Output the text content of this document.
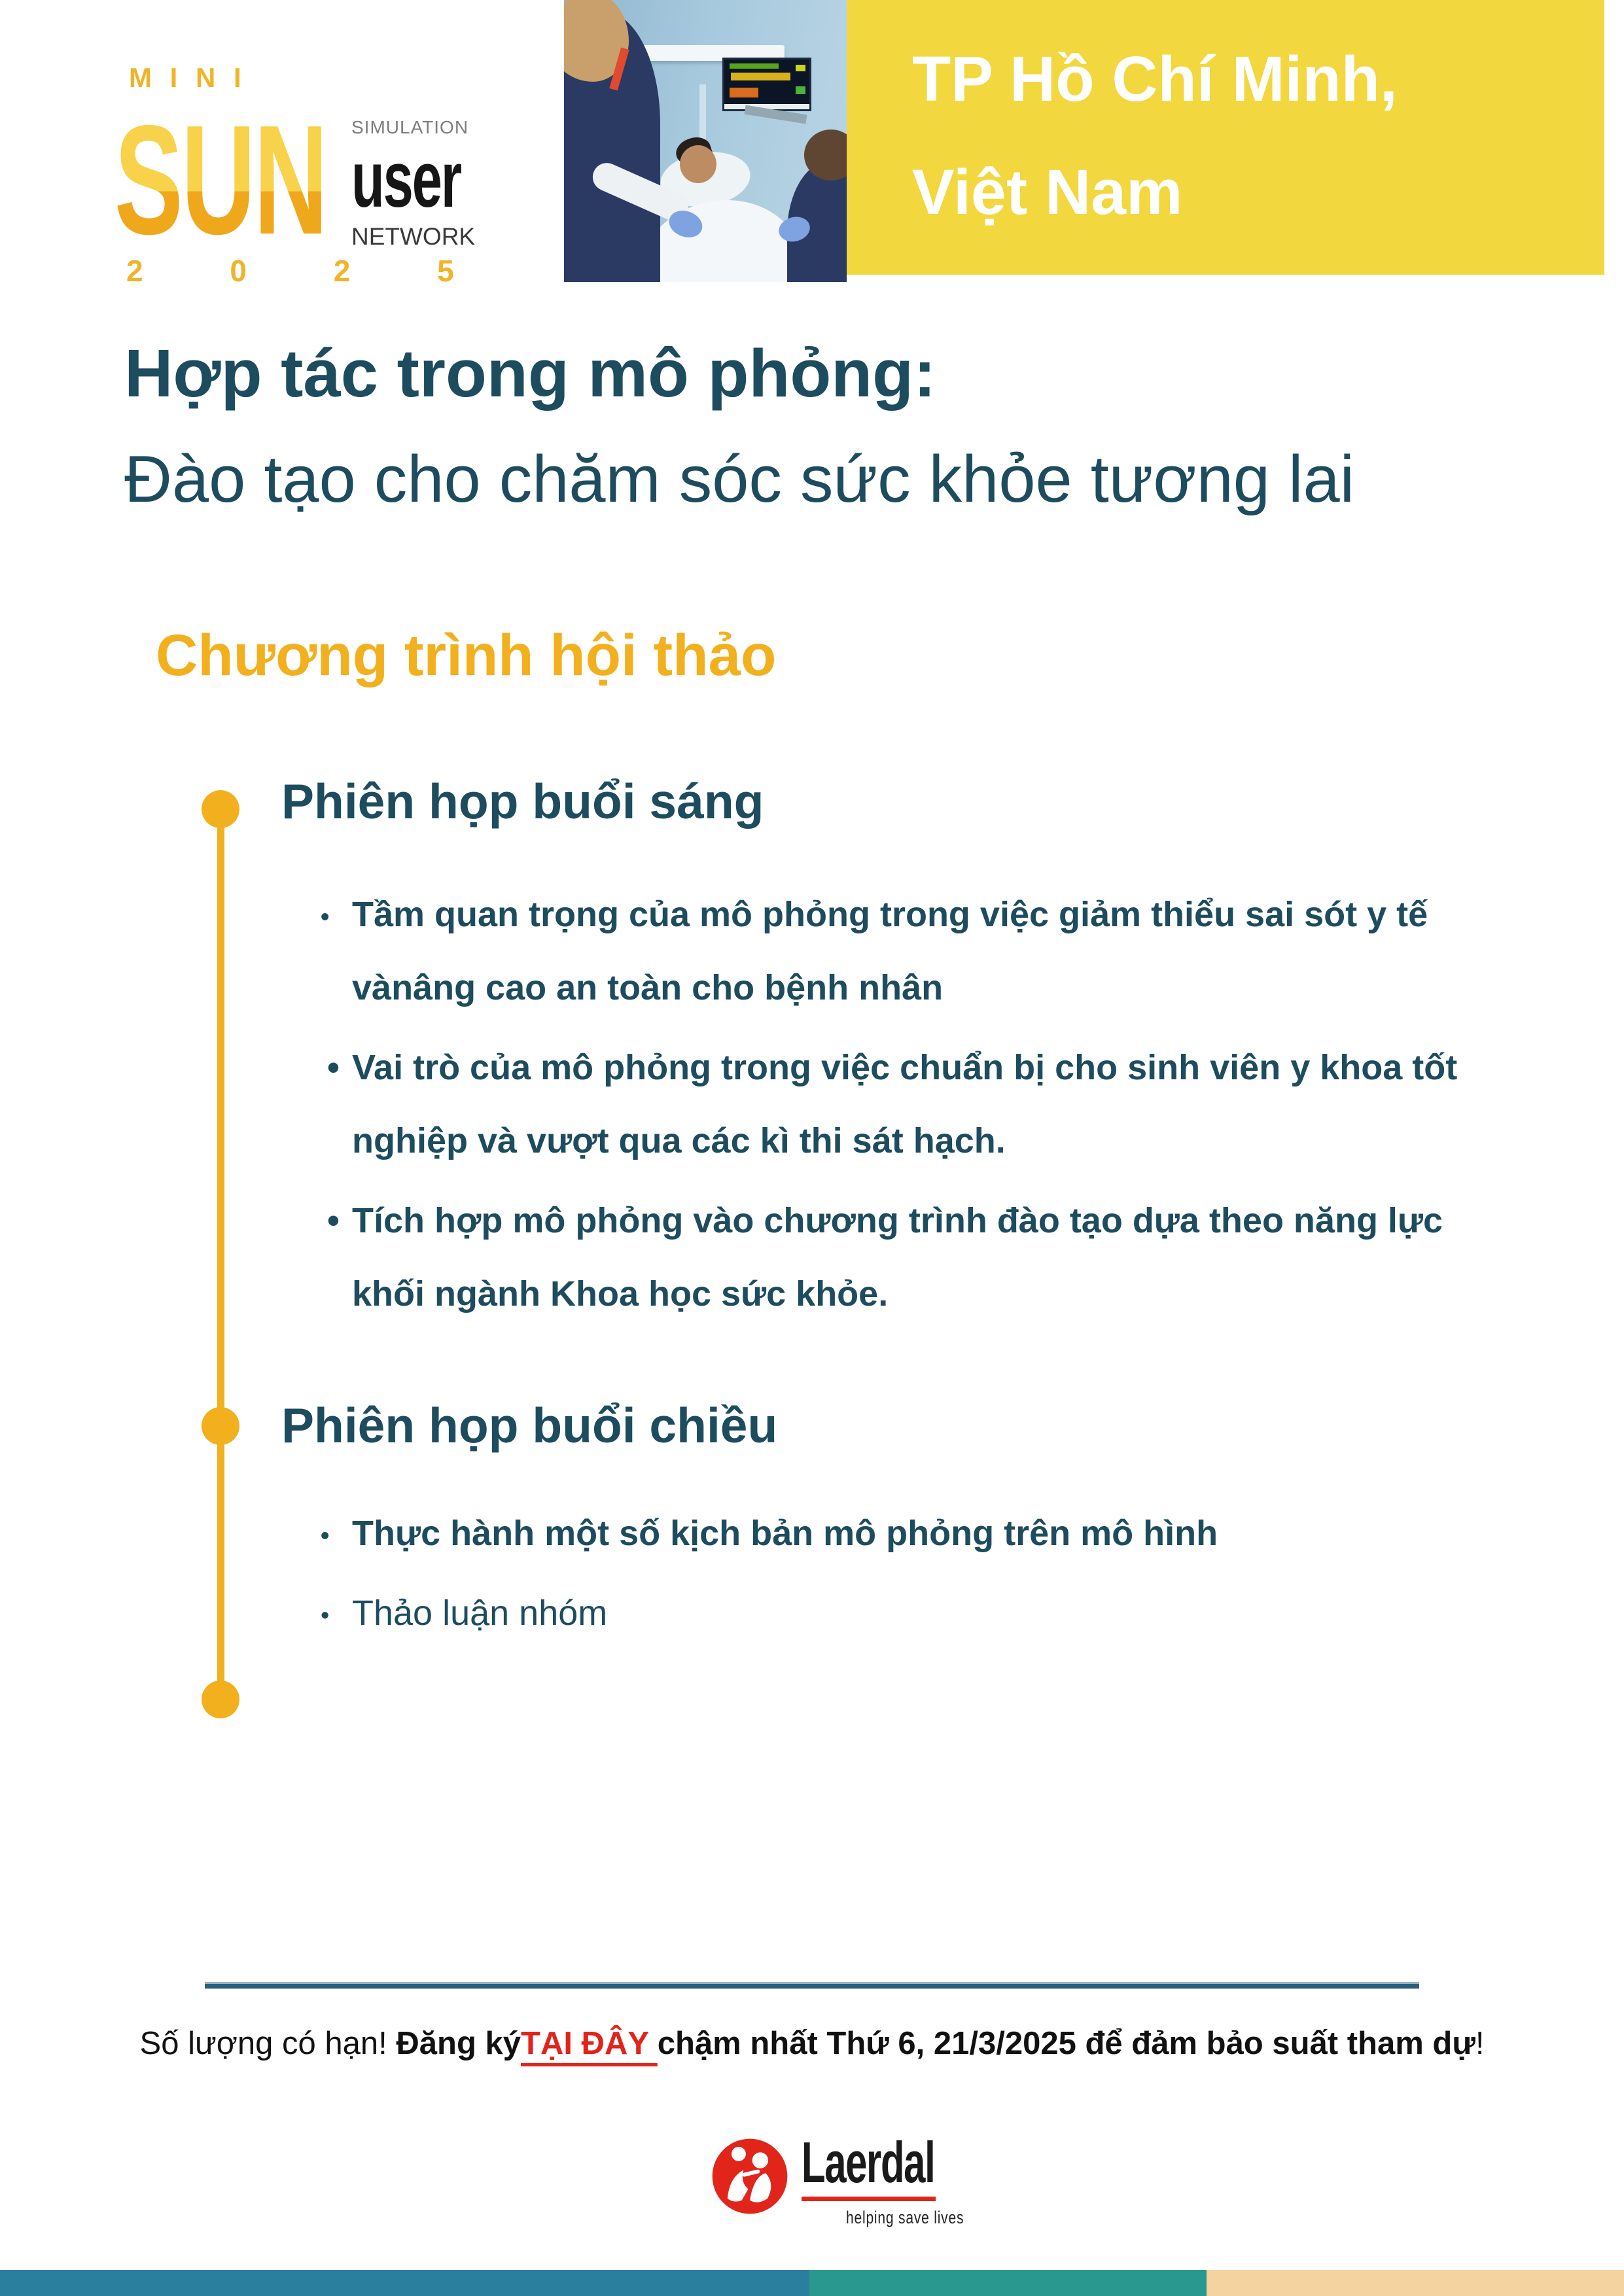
M I N I
SUN SIMULATION
user
NETWORK
2 0 2 5
TP Hồ Chí Minh,
Việt Nam
Hợp tác trong mô phỏng:
Đào tạo cho chăm sóc sức khỏe tương lai
Chương trình hội thảo
Phiên họp buổi sáng
• Tầm quan trọng của mô phỏng trong việc giảm thiểu sai sót y tế vànâng cao an toàn cho bệnh nhân
• Vai trò của mô phỏng trong việc chuẩn bị cho sinh viên y khoa tốt nghiệp và vượt qua các kì thi sát hạch.
• Tích hợp mô phỏng vào chương trình đào tạo dựa theo năng lực khối ngành Khoa học sức khỏe.
Phiên họp buổi chiều
• Thực hành một số kịch bản mô phỏng trên mô hình
• Thảo luận nhóm
Số lượng có hạn! Đăng kýTẠI ĐÂY chậm nhất Thứ 6, 21/3/2025 để đảm bảo suất tham dự!
Laerdal
helping save lives
